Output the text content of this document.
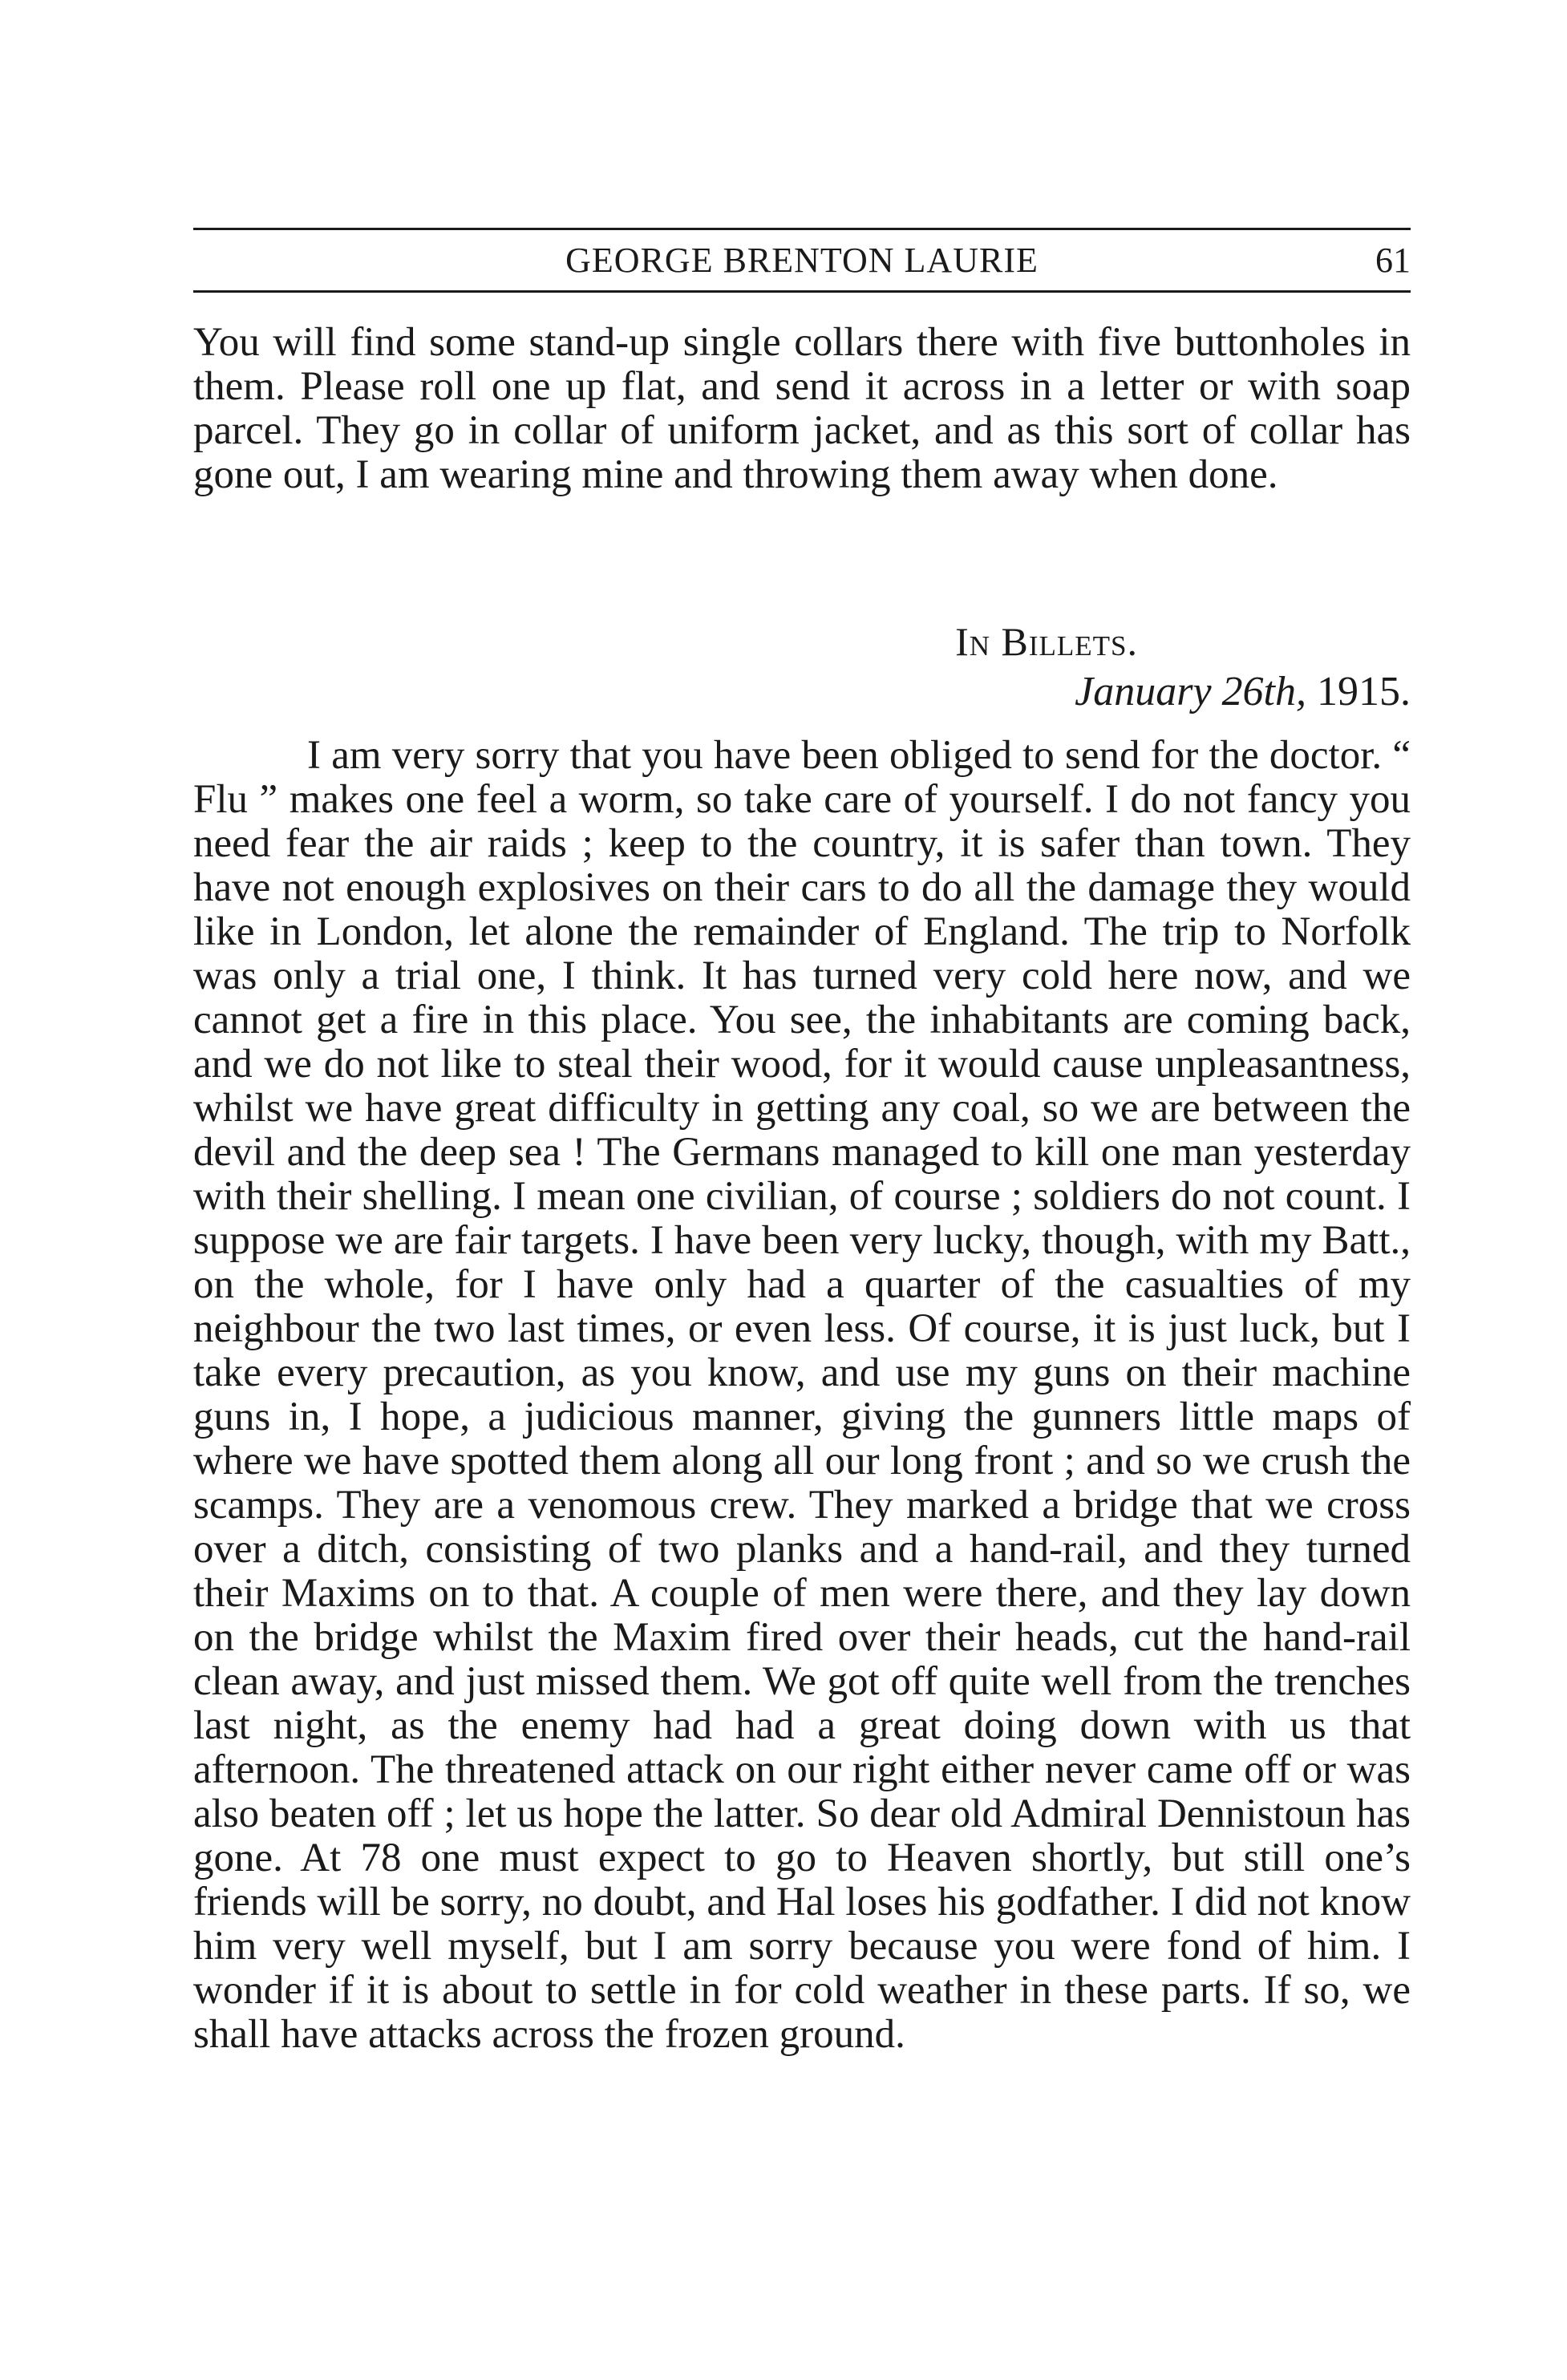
GEORGE BRENTON LAURIE	61

You will find some stand-up single collars there with five buttonholes in them. Please roll one up flat, and send it across in a letter or with soap parcel. They go in collar of uniform jacket, and as this sort of collar has gone out, I am wearing mine and throwing them away when done.

In Billets.
January 26th, 1915.

I am very sorry that you have been obliged to send for the doctor. “ Flu ” makes one feel a worm, so take care of yourself. I do not fancy you need fear the air raids ; keep to the country, it is safer than town. They have not enough explosives on their cars to do all the damage they would like in London, let alone the remainder of England. The trip to Norfolk was only a trial one, I think. It has turned very cold here now, and we cannot get a fire in this place. You see, the inhabitants are coming back, and we do not like to steal their wood, for it would cause unpleasantness, whilst we have great difficulty in getting any coal, so we are between the devil and the deep sea ! The Germans managed to kill one man yesterday with their shelling. I mean one civilian, of course ; soldiers do not count. I suppose we are fair targets. I have been very lucky, though, with my Batt., on the whole, for I have only had a quarter of the casualties of my neighbour the two last times, or even less. Of course, it is just luck, but I take every precaution, as you know, and use my guns on their machine guns in, I hope, a judicious manner, giving the gunners little maps of where we have spotted them along all our long front ; and so we crush the scamps. They are a venomous crew. They marked a bridge that we cross over a ditch, consisting of two planks and a hand-rail, and they turned their Maxims on to that. A couple of men were there, and they lay down on the bridge whilst the Maxim fired over their heads, cut the hand-rail clean away, and just missed them. We got off quite well from the trenches last night, as the enemy had had a great doing down with us that afternoon. The threatened attack on our right either never came off or was also beaten off ; let us hope the latter. So dear old Admiral Dennistoun has gone. At 78 one must expect to go to Heaven shortly, but still one’s friends will be sorry, no doubt, and Hal loses his godfather. I did not know him very well myself, but I am sorry because you were fond of him. I wonder if it is about to settle in for cold weather in these parts. If so, we shall have attacks across the frozen ground.
